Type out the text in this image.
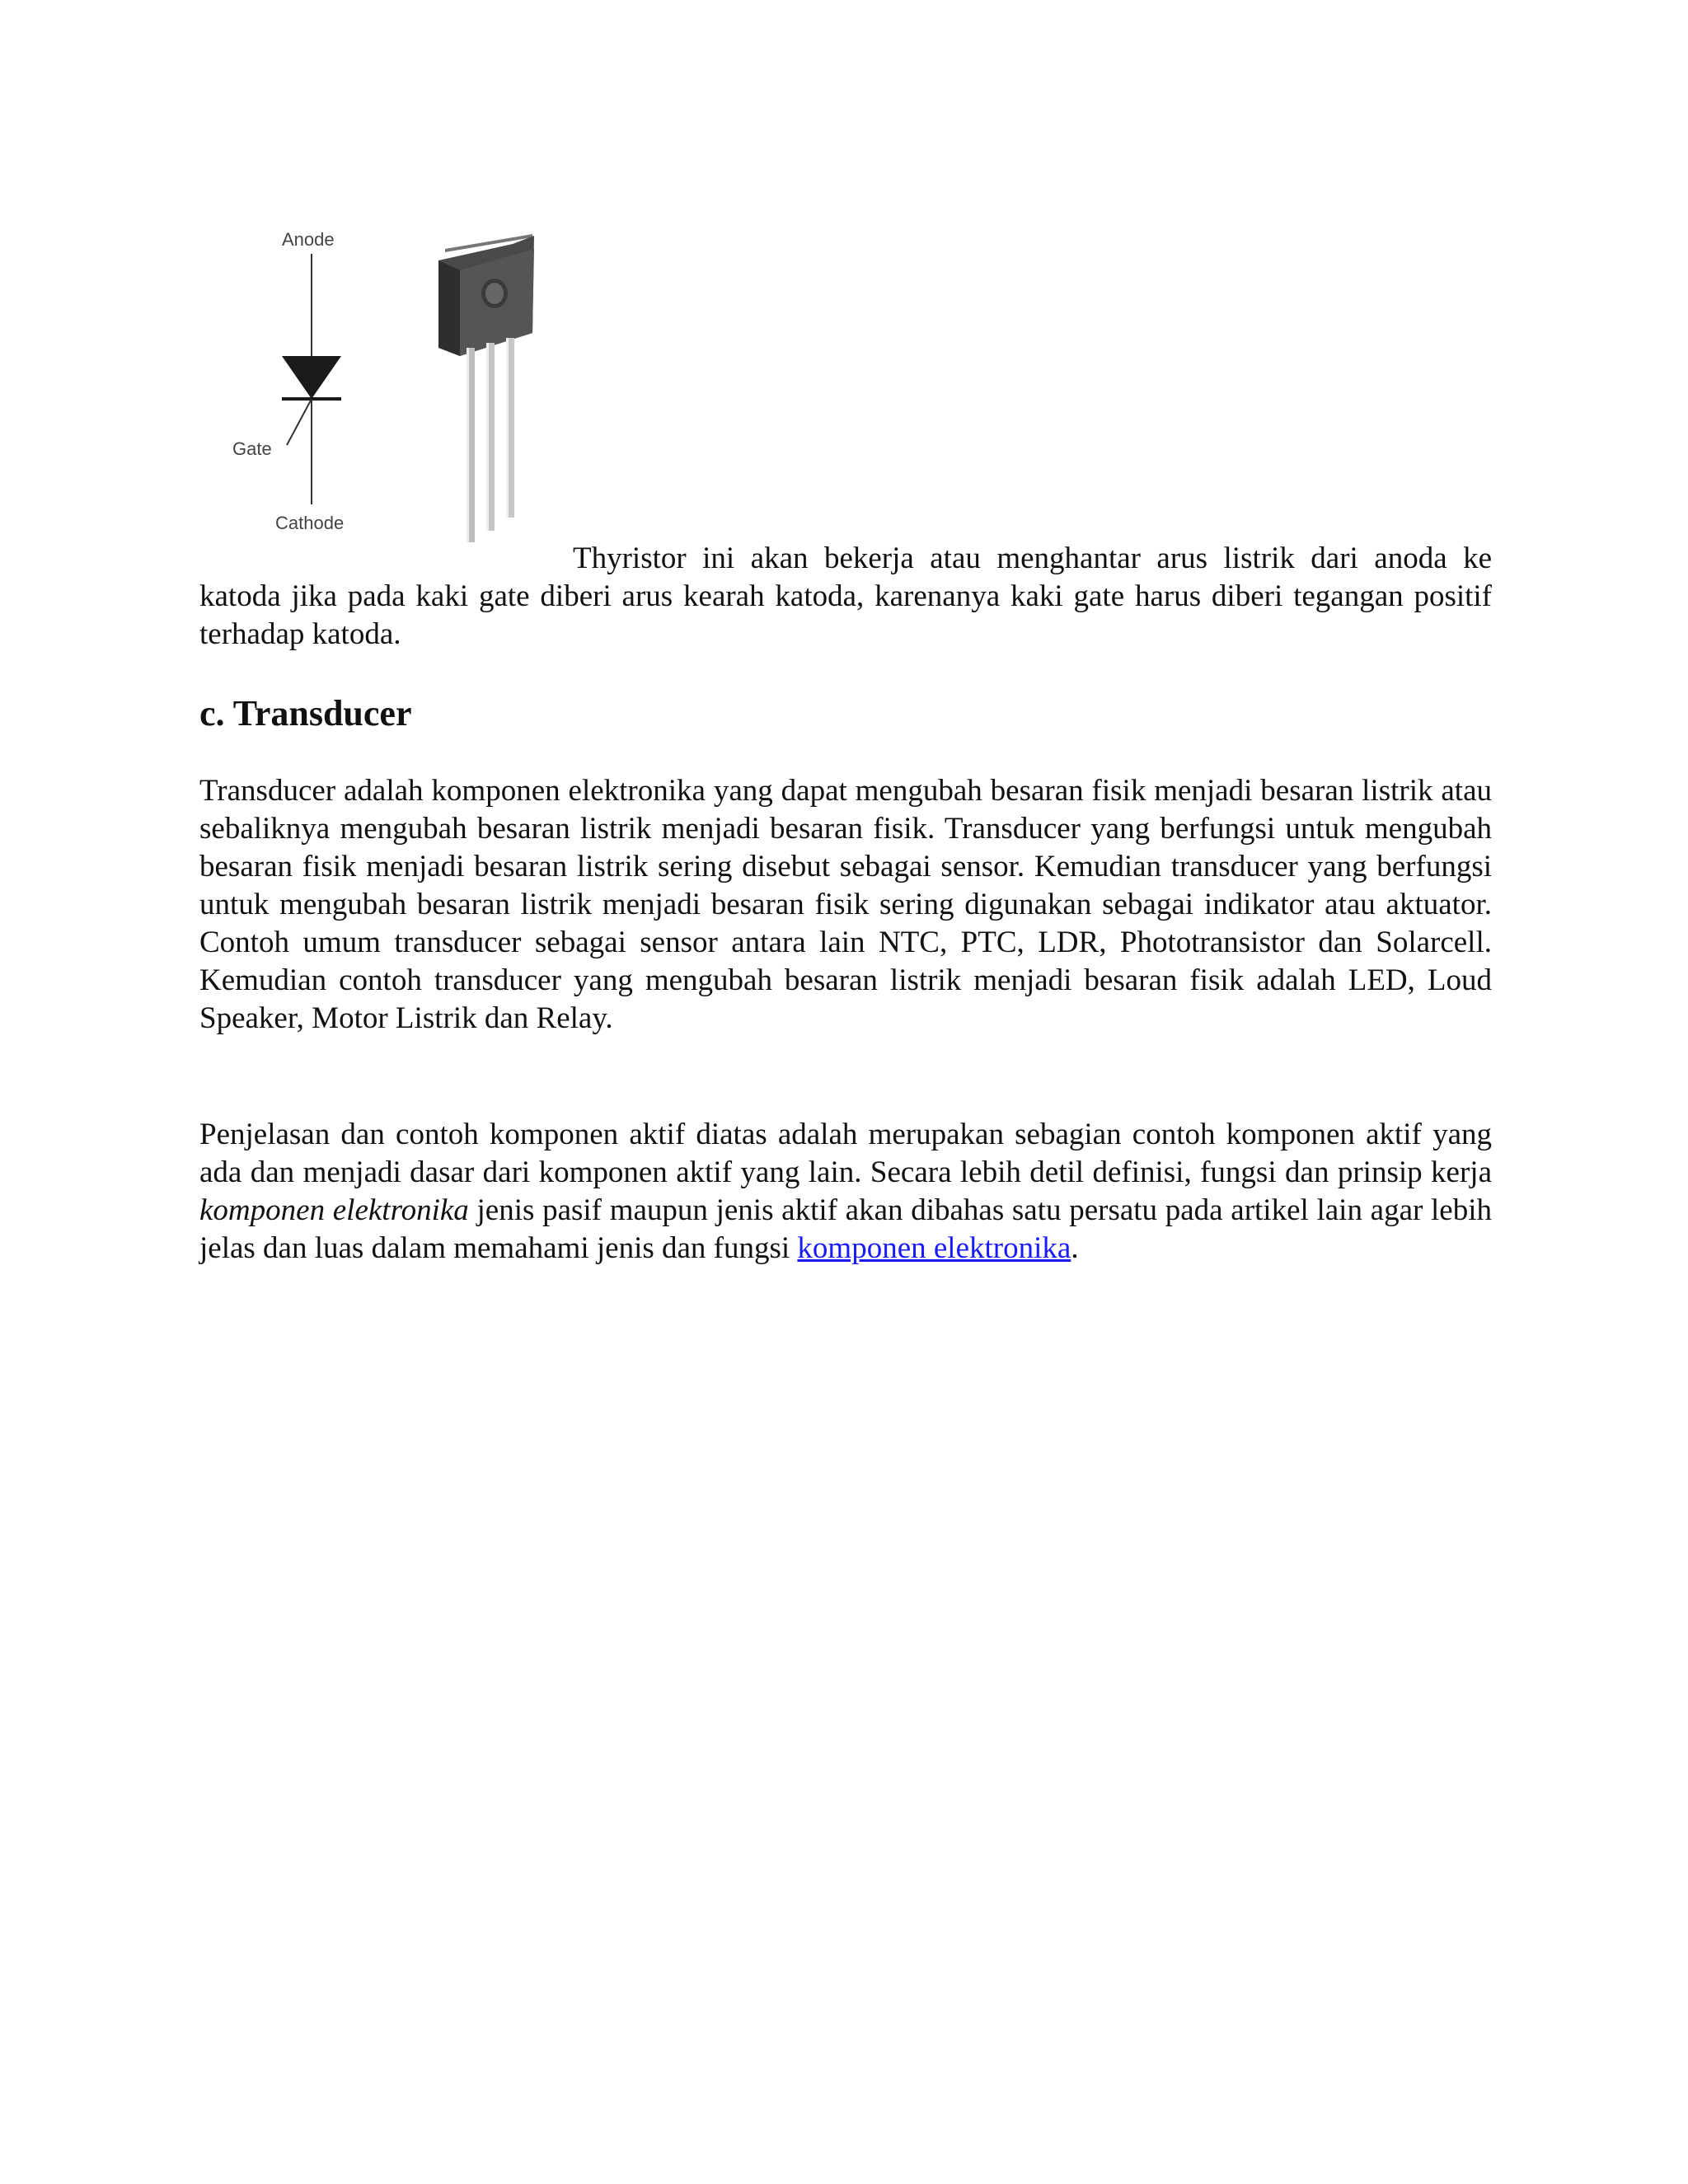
Anode
Gate
Cathode

Thyristor ini akan bekerja atau menghantar arus listrik dari anoda ke katoda jika pada kaki gate diberi arus kearah katoda, karenanya kaki gate harus diberi tegangan positif terhadap katoda.

c. Transducer

Transducer adalah komponen elektronika yang dapat mengubah besaran fisik menjadi besaran listrik atau sebaliknya mengubah besaran listrik menjadi besaran fisik. Transducer yang berfungsi untuk mengubah besaran fisik menjadi besaran listrik sering disebut sebagai sensor. Kemudian transducer yang berfungsi untuk mengubah besaran listrik menjadi besaran fisik sering digunakan sebagai indikator atau aktuator. Contoh umum transducer sebagai sensor antara lain NTC, PTC, LDR, Phototransistor dan Solarcell. Kemudian contoh transducer yang mengubah besaran listrik menjadi besaran fisik adalah LED, Loud Speaker, Motor Listrik dan Relay.

Penjelasan dan contoh komponen aktif diatas adalah merupakan sebagian contoh komponen aktif yang ada dan menjadi dasar dari komponen aktif yang lain. Secara lebih detil definisi, fungsi dan prinsip kerja komponen elektronika jenis pasif maupun jenis aktif akan dibahas satu persatu pada artikel lain agar lebih jelas dan luas dalam memahami jenis dan fungsi komponen elektronika.
